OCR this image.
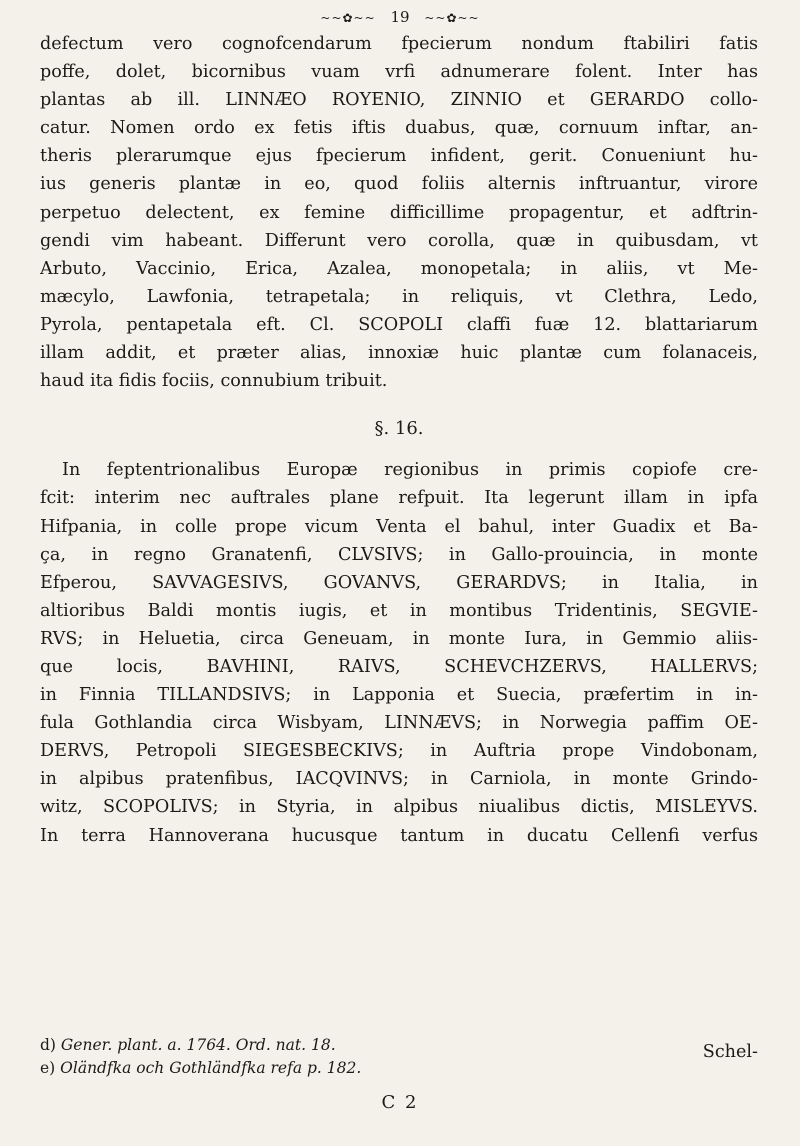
~~✿~~ 19 ~~✿~~
defectum vero cognofcendarum fpecierum nondum ftabiliri fatis
poffe, dolet, bicornibus vuam vrfi adnumerare folent. Inter has
plantas ab ill. LINNÆO ROYENIO, ZINNIO et GERARDO collo-
catur. Nomen ordo ex fetis iftis duabus, quæ, cornuum inftar, an-
theris plerarumque ejus fpecierum infident, gerit. Conueniunt hu-
ius generis plantæ in eo, quod foliis alternis inftruantur, virore
perpetuo delectent, ex femine difficillime propagentur, et adftrin-
gendi vim habeant. Differunt vero corolla, quæ in quibusdam, vt
Arbuto, Vaccinio, Erica, Azalea, monopetala; in aliis, vt Me-
mæcylo, Lawfonia, tetrapetala; in reliquis, vt Clethra, Ledo,
Pyrola, pentapetala eft. Cl. SCOPOLI claffi fuæ 12. blattariarum
illam addit, et præter alias, innoxiæ huic plantæ cum folanaceis,
haud ita fidis fociis, connubium tribuit.
§. 16.
In feptentrionalibus Europæ regionibus in primis copiofe cre-
fcit: interim nec auftrales plane refpuit. Ita legerunt illam in ipfa
Hifpania, in colle prope vicum Venta el bahul, inter Guadix et Ba-
ça, in regno Granatenfi, CLVSIVS; in Gallo-prouincia, in monte
Efperou, SAVVAGESIVS, GOVANVS, GERARDVS; in Italia, in
altioribus Baldi montis iugis, et in montibus Tridentinis, SEGVIE-
RVS; in Heluetia, circa Geneuam, in monte Iura, in Gemmio aliis-
que locis, BAVHINI, RAIVS, SCHEVCHZERVS, HALLERVS;
in Finnia TILLANDSIVS; in Lapponia et Suecia, præfertim in in-
fula Gothlandia circa Wisbyam, LINNÆVS; in Norwegia paffim OE-
DERVS, Petropoli SIEGESBECKIVS; in Auftria prope Vindobonam,
in alpibus pratenfibus, IACQVINVS; in Carniola, in monte Grindo-
witz, SCOPOLIVS; in Styria, in alpibus niualibus dictis, MISLEYVS.
In terra Hannoverana hucusque tantum in ducatu Cellenfi verfus
Schel-
d) Gener. plant. a. 1764. Ord. nat. 18.
e) Oländfka och Gothländfka refa p. 182.
C 2
